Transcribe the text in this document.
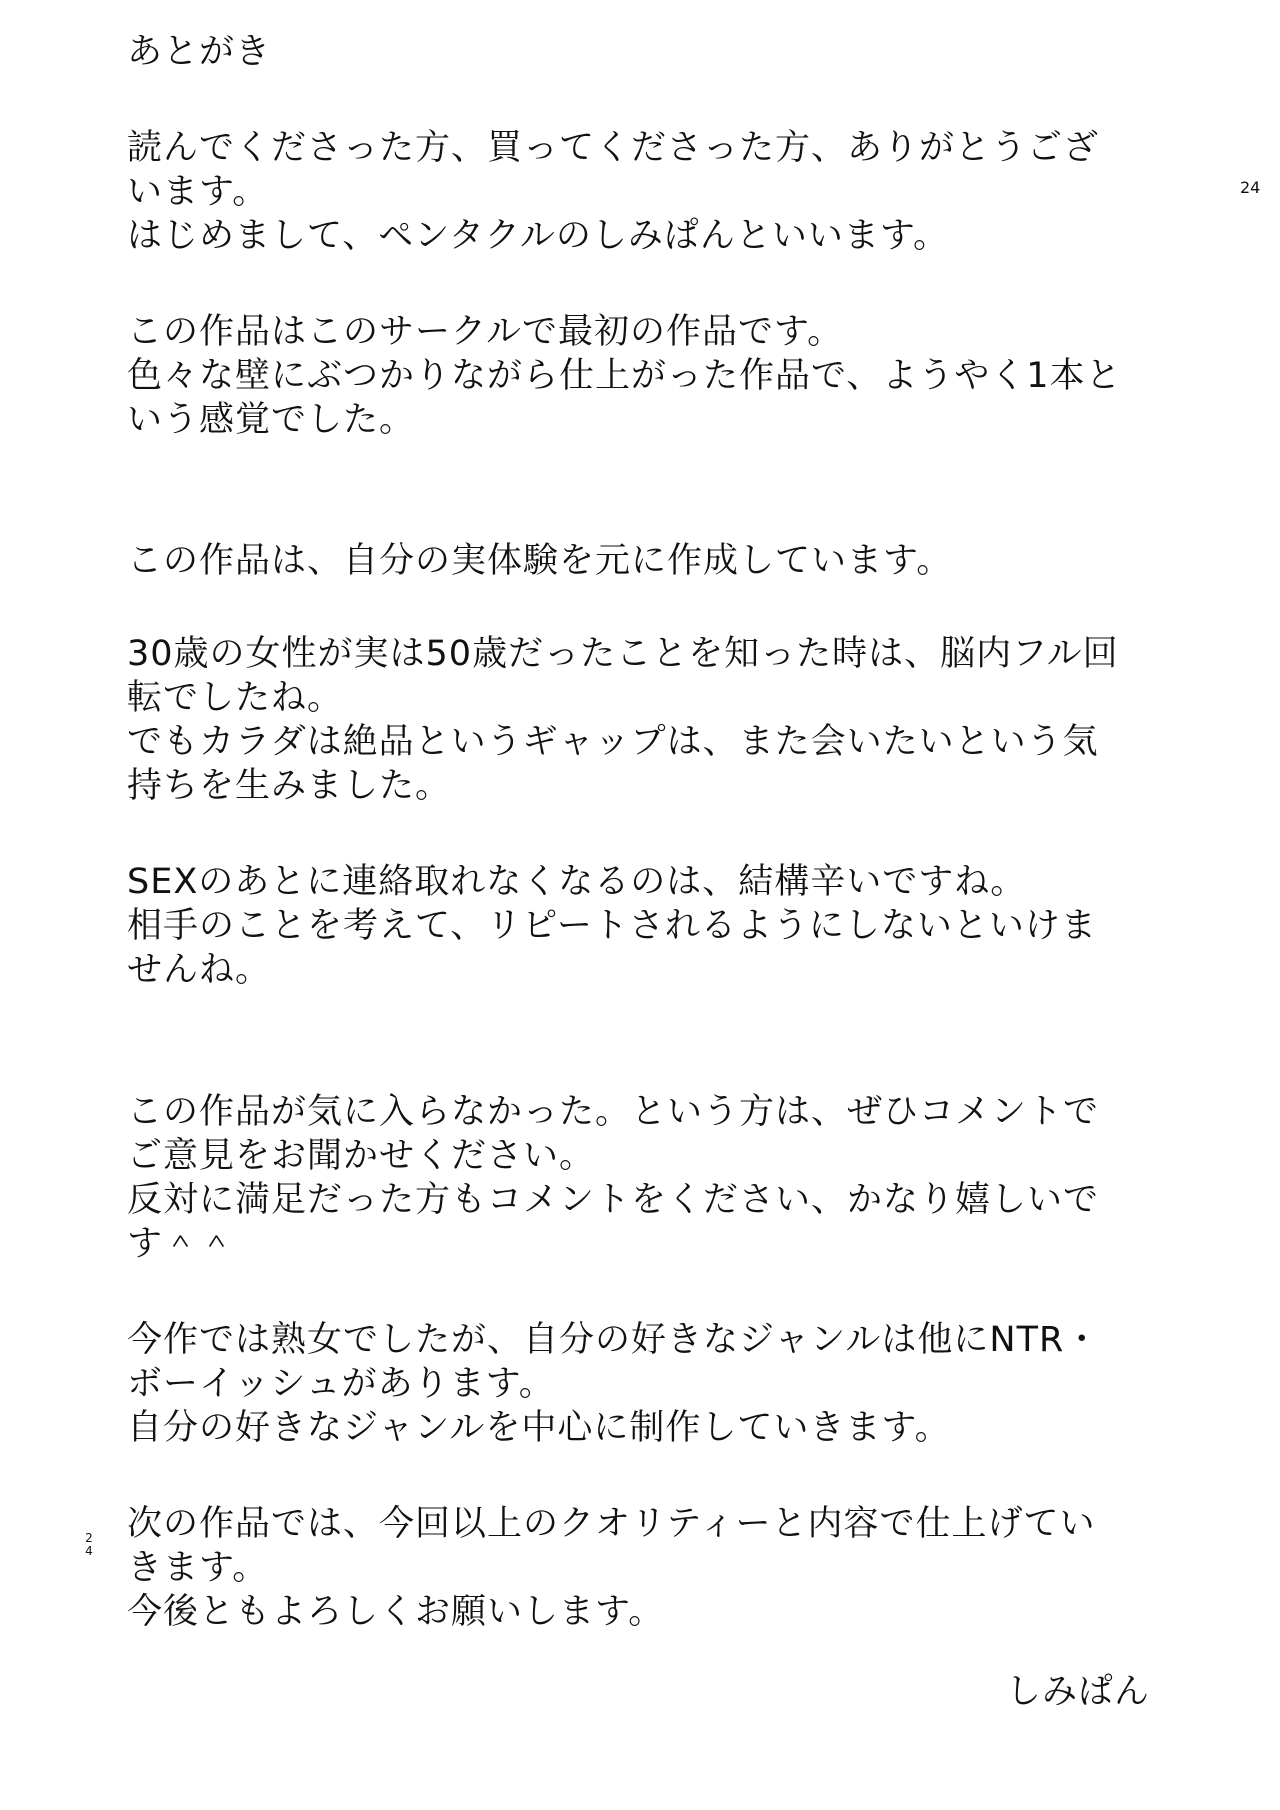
24
24
あとがき
読んでくださった方、買ってくださった方、ありがとうござ
います。
はじめまして、ペンタクルのしみぱんといいます。
この作品はこのサークルで最初の作品です。
色々な壁にぶつかりながら仕上がった作品で、ようやく1本と
いう感覚でした。
この作品は、自分の実体験を元に作成しています。
30歳の女性が実は50歳だったことを知った時は、脳内フル回
転でしたね。
でもカラダは絶品というギャップは、また会いたいという気
持ちを生みました。
SEXのあとに連絡取れなくなるのは、結構辛いですね。
相手のことを考えて、リピートされるようにしないといけま
せんね。
この作品が気に入らなかった。という方は、ぜひコメントで
ご意見をお聞かせください。
反対に満足だった方もコメントをください、かなり嬉しいで
す＾＾
今作では熟女でしたが、自分の好きなジャンルは他にNTR・
ボーイッシュがあります。
自分の好きなジャンルを中心に制作していきます。
次の作品では、今回以上のクオリティーと内容で仕上げてい
きます。
今後ともよろしくお願いします。
しみぱん
